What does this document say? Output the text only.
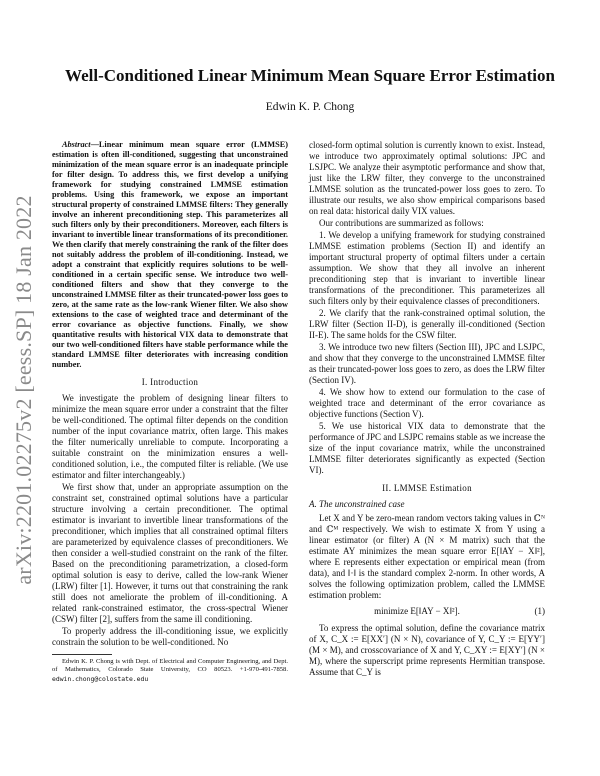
arXiv:2201.02275v2 [eess.SP] 18 Jan 2022
Well-Conditioned Linear Minimum Mean Square Error Estimation
Edwin K. P. Chong

Abstract—Linear minimum mean square error (LMMSE) estimation is often ill-conditioned, suggesting that unconstrained minimization of the mean square error is an inadequate principle for filter design. To address this, we first develop a unifying framework for studying constrained LMMSE estimation problems. Using this framework, we expose an important structural property of constrained LMMSE filters: They generally involve an inherent preconditioning step. This parameterizes all such filters only by their preconditioners. Moreover, each filters is invariant to invertible linear transformations of its preconditioner. We then clarify that merely constraining the rank of the filter does not suitably address the problem of ill-conditioning. Instead, we adopt a constraint that explicitly requires solutions to be well-conditioned in a certain specific sense. We introduce two well-conditioned filters and show that they converge to the unconstrained LMMSE filter as their truncated-power loss goes to zero, at the same rate as the low-rank Wiener filter. We also show extensions to the case of weighted trace and determinant of the error covariance as objective functions. Finally, we show quantitative results with historical VIX data to demonstrate that our two well-conditioned filters have stable performance while the standard LMMSE filter deteriorates with increasing condition number.

I. Introduction

We investigate the problem of designing linear filters to minimize the mean square error under a constraint that the filter be well-conditioned. The optimal filter depends on the condition number of the input covariance matrix, often large. This makes the filter numerically unreliable to compute. Incorporating a suitable constraint on the minimization ensures a well-conditioned solution, i.e., the computed filter is reliable. (We use estimator and filter interchangeably.)

We first show that, under an appropriate assumption on the constraint set, constrained optimal solutions have a particular structure involving a certain preconditioner. The optimal estimator is invariant to invertible linear transformations of the preconditioner, which implies that all constrained optimal filters are parameterized by equivalence classes of preconditioners. We then consider a well-studied constraint on the rank of the filter. Based on the preconditioning parametrization, a closed-form optimal solution is easy to derive, called the low-rank Wiener (LRW) filter [1]. However, it turns out that constraining the rank still does not ameliorate the problem of ill-conditioning. A related rank-constrained estimator, the cross-spectral Wiener (CSW) filter [2], suffers from the same ill conditioning.

To properly address the ill-conditioning issue, we explicitly constrain the solution to be well-conditioned. No

Edwin K. P. Chong is with Dept. of Electrical and Computer Engineering, and Dept. of Mathematics, Colorado State University, CO 80523. +1-970-491-7858. edwin.chong@colostate.edu

closed-form optimal solution is currently known to exist. Instead, we introduce two approximately optimal solutions: JPC and LSJPC. We analyze their asymptotic performance and show that, just like the LRW filter, they converge to the unconstrained LMMSE solution as the truncated-power loss goes to zero. To illustrate our results, we also show empirical comparisons based on real data: historical daily VIX values.

Our contributions are summarized as follows:

1. We develop a unifying framework for studying constrained LMMSE estimation problems (Section II) and identify an important structural property of optimal filters under a certain assumption. We show that they all involve an inherent preconditioning step that is invariant to invertible linear transformations of the preconditioner. This parameterizes all such filters only by their equivalence classes of preconditioners.

2. We clarify that the rank-constrained optimal solution, the LRW filter (Section II-D), is generally ill-conditioned (Section II-E). The same holds for the CSW filter.

3. We introduce two new filters (Section III), JPC and LSJPC, and show that they converge to the unconstrained LMMSE filter as their truncated-power loss goes to zero, as does the LRW filter (Section IV).

4. We show how to extend our formulation to the case of weighted trace and determinant of the error covariance as objective functions (Section V).

5. We use historical VIX data to demonstrate that the performance of JPC and LSJPC remains stable as we increase the size of the input covariance matrix, while the unconstrained LMMSE filter deteriorates significantly as expected (Section VI).

II. LMMSE Estimation
A. The unconstrained case

Let X and Y be zero-mean random vectors taking values in ℂᴺ and ℂᴹ respectively. We wish to estimate X from Y using a linear estimator (or filter) A (N × M matrix) such that the estimate AY minimizes the mean square error E[‖AY − X‖²], where E represents either expectation or empirical mean (from data), and ‖·‖ is the standard complex 2-norm. In other words, A solves the following optimization problem, called the LMMSE estimation problem:

minimize E[‖AY − X‖²].	(1)

To express the optimal solution, define the covariance matrix of X, C_X := E[XX′] (N × N), covariance of Y, C_Y := E[YY′] (M × M), and crosscovariance of X and Y, C_XY := E[XY′] (N × M), where the superscript prime represents Hermitian transpose. Assume that C_Y is
